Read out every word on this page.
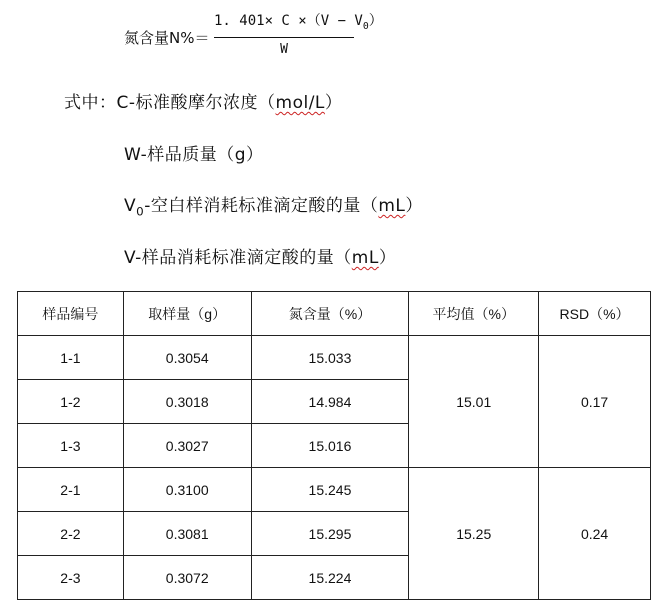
氮含量N%＝
1. $401\times C \times(V - V_0)$
W
式中：C-标准酸摩尔浓度（mol/L）
W-样品质量（g）
$V_0-$空白样消耗标准滴定酸的量（mL）
V-样品消耗标准滴定酸的量（mL）
样品编号	取样量（g）	氮含量（%）	平均值（%）	RSD（%）
1-1	0.3054	15.033	15.01	0.17
1-2	0.3018	14.984		
1-3	0.3027	15.016		
2-1	0.3100	15.245	15.25	0.24
2-2	0.3081	15.295		
2-3	0.3072	15.224		
